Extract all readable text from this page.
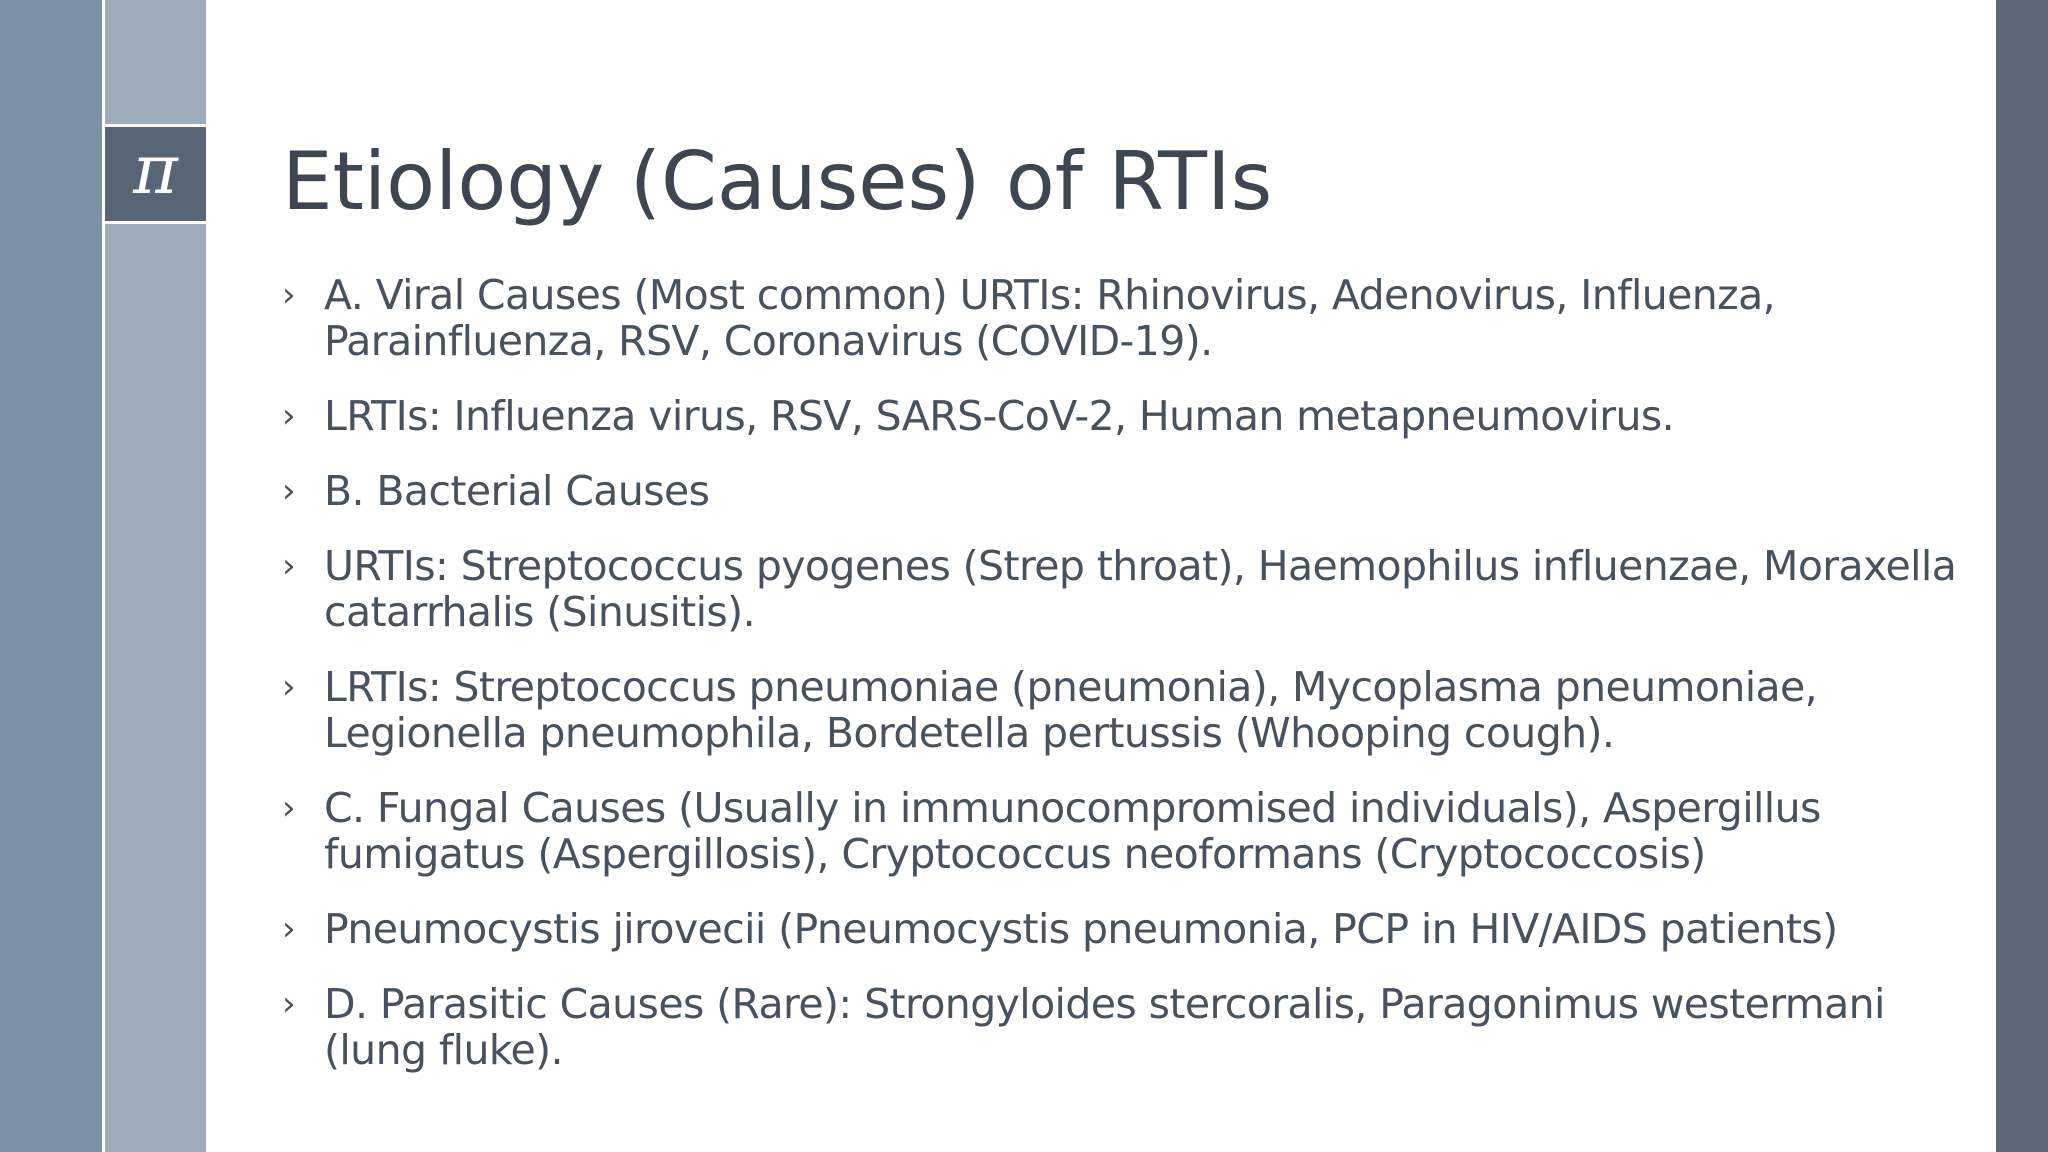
π Etiology (Causes) of RTIs
› A. Viral Causes (Most common) URTIs: Rhinovirus, Adenovirus, Influenza, Parainfluenza, RSV, Coronavirus (COVID-19).
› LRTIs: Influenza virus, RSV, SARS-CoV-2, Human metapneumovirus.
› B. Bacterial Causes
› URTIs: Streptococcus pyogenes (Strep throat), Haemophilus influenzae, Moraxella catarrhalis (Sinusitis).
› LRTIs: Streptococcus pneumoniae (pneumonia), Mycoplasma pneumoniae, Legionella pneumophila, Bordetella pertussis (Whooping cough).
› C. Fungal Causes (Usually in immunocompromised individuals), Aspergillus fumigatus (Aspergillosis), Cryptococcus neoformans (Cryptococcosis)
› Pneumocystis jirovecii (Pneumocystis pneumonia, PCP in HIV/AIDS patients)
› D. Parasitic Causes (Rare): Strongyloides stercoralis, Paragonimus westermani (lung fluke).
